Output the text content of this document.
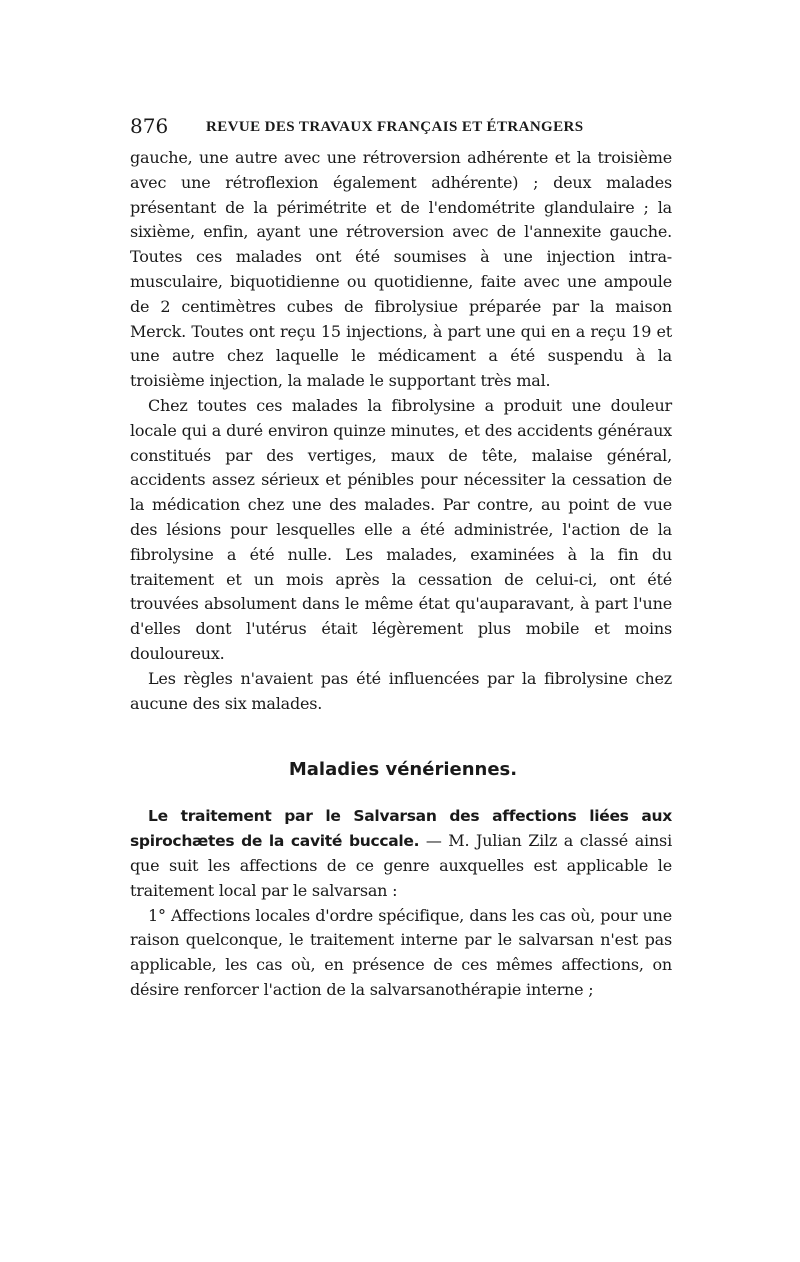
876	REVUE DES TRAVAUX FRANÇAIS ET ÉTRANGERS

gauche, une autre avec une rétroversion adhérente et la troisième avec une rétroflexion également adhérente) ; deux malades présentant de la périmétrite et de l'endométrite glandulaire ; la sixième, enfin, ayant une rétroversion avec de l'annexite gauche. Toutes ces malades ont été soumises à une injection intra-musculaire, biquotidienne ou quotidienne, faite avec une ampoule de 2 centimètres cubes de fibrolysiue préparée par la maison Merck. Toutes ont reçu 15 injections, à part une qui en a reçu 19 et une autre chez laquelle le médicament a été suspendu à la troisième injection, la malade le supportant très mal.

Chez toutes ces malades la fibrolysine a produit une douleur locale qui a duré environ quinze minutes, et des accidents généraux constitués par des vertiges, maux de tête, malaise général, accidents assez sérieux et pénibles pour nécessiter la cessation de la médication chez une des malades. Par contre, au point de vue des lésions pour lesquelles elle a été administrée, l'action de la fibrolysine a été nulle. Les malades, examinées à la fin du traitement et un mois après la cessation de celui-ci, ont été trouvées absolument dans le même état qu'auparavant, à part l'une d'elles dont l'utérus était légèrement plus mobile et moins douloureux.

Les règles n'avaient pas été influencées par la fibrolysine chez aucune des six malades.

Maladies vénériennes.

Le traitement par le Salvarsan des affections liées aux spirochætes de la cavité buccale. — M. Julian Zilz a classé ainsi que suit les affections de ce genre auxquelles est applicable le traitement local par le salvarsan :

1° Affections locales d'ordre spécifique, dans les cas où, pour une raison quelconque, le traitement interne par le salvarsan n'est pas applicable, les cas où, en présence de ces mêmes affections, on désire renforcer l'action de la salvarsanothérapie interne ;
